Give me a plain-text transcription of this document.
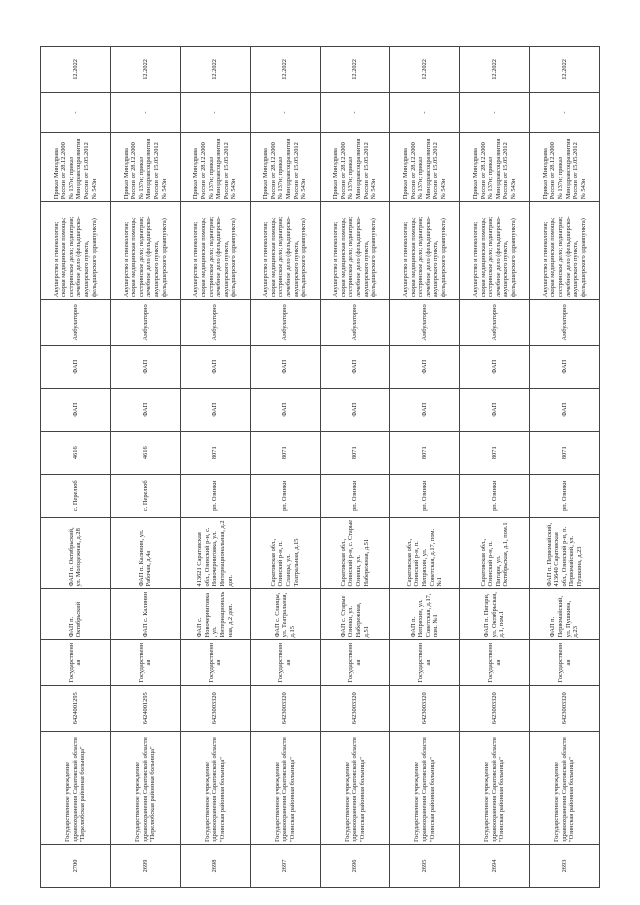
2700	Государственное учреждение здравоохранения Саратовской области "Перелюбская районная больница"	6424001295	Государственная	ФАП п. Октябрьский	ФАП п. Октябрьский, ул. Молодежная, д.28	с. Перелюб	4616	ФАП	ФАП	Амбулаторно	Акушерство и гинекология; скорая медицинская помощь; сестринское дело; педиатрия; лечебное дело (фельдшерско-акушерского пункта, фельдшерского здравпункта)	Приказ Минздрава России от 28.12.2000 № 137н; приказ Минздравсоцразвития России от 15.05.2012 № 543н	-	12.2022
2699	Государственное учреждение здравоохранения Саратовской области "Перелюбская районная больница"	6424001295	Государственная	ФАП с. Калинин	ФАП п. Калинин, ул. Рабочая, д.4а	с. Перелюб	4616	ФАП	ФАП	Амбулаторно	Акушерство и гинекология; скорая медицинская помощь; сестринское дело; педиатрия; лечебное дело (фельдшерско-акушерского пункта, фельдшерского здравпункта)	Приказ Минздрава России от 28.12.2000 № 137н; приказ Минздравсоцразвития России от 15.05.2012 № 543н	-	12.2022
2698	Государственное учреждение здравоохранения Саратовской области "Озинская районная больница"	6423003320	Государственная	ФАП с. Новочерниговка, ул. Интернациональная, д.2 доп.	413621 Саратовская обл., Озинский р-н, с. Новочерниговка, ул. Интернациональная, д.2 доп.	рп. Озинки	8071	ФАП	ФАП	Амбулаторно	Акушерство и гинекология; скорая медицинская помощь; сестринское дело; педиатрия; лечебное дело (фельдшерско-акушерского пункта, фельдшерского здравпункта)	Приказ Минздрава России от 28.12.2000 № 137н; приказ Минздравсоцразвития России от 15.05.2012 № 543н	-	12.2022
2697	Государственное учреждение здравоохранения Саратовской области "Озинская районная больница"	6423003320	Государственная	ФАП с. Сланцы, ул. Театральная, д.15	Саратовская обл., Озинский р-н, п. Сланцы, ул. Театральная, д.15	рп. Озинки	8071	ФАП	ФАП	Амбулаторно	Акушерство и гинекология; скорая медицинская помощь; сестринское дело; педиатрия; лечебное дело (фельдшерско-акушерского пункта, фельдшерского здравпункта)	Приказ Минздрава России от 28.12.2000 № 137н; приказ Минздравсоцразвития России от 15.05.2012 № 543н	-	12.2022
2696	Государственное учреждение здравоохранения Саратовской области "Озинская районная больница"	6423003320	Государственная	ФАП с. Старые Озинки, ул. Набережная, д.51	Саратовская обл., Озинский р-н, с. Старые Озинки, ул. Набережная, д.51	рп. Озинки	8071	ФАП	ФАП	Амбулаторно	Акушерство и гинекология; скорая медицинская помощь; сестринское дело; педиатрия; лечебное дело (фельдшерско-акушерского пункта, фельдшерского здравпункта)	Приказ Минздрава России от 28.12.2000 № 137н; приказ Минздравсоцразвития России от 15.05.2012 № 543н	-	12.2022
2695	Государственное учреждение здравоохранения Саратовской области "Озинская районная больница"	6423003320	Государственная	ФАП п. Непряхин, ул. Советская, д.17, пом. №1	Саратовская обл., Озинский р-н, п. Непряхин, ул. Советская, д.17, пом. №1	рп. Озинки	8071	ФАП	ФАП	Амбулаторно	Акушерство и гинекология; скорая медицинская помощь; сестринское дело; педиатрия; лечебное дело (фельдшерско-акушерского пункта, фельдшерского здравпункта)	Приказ Минздрава России от 28.12.2000 № 137н; приказ Минздравсоцразвития России от 15.05.2012 № 543н	-	12.2022
2694	Государственное учреждение здравоохранения Саратовской области "Озинская районная больница"	6423003320	Государственная	ФАП п. Пигари, ул. Октябрьская, д.1, пом.1	Саратовская обл., Озинский р-н, п. Пигари, ул. Октябрьская, д.1, пом.1	рп. Озинки	8071	ФАП	ФАП	Амбулаторно	Акушерство и гинекология; скорая медицинская помощь; сестринское дело; педиатрия; лечебное дело (фельдшерско-акушерского пункта, фельдшерского здравпункта)	Приказ Минздрава России от 28.12.2000 № 137н; приказ Минздравсоцразвития России от 15.05.2012 № 543н	-	12.2022
2693	Государственное учреждение здравоохранения Саратовской области "Озинская районная больница"	6423003320	Государственная	ФАП п. Первомайский, ул. Пушкина, д.23	ФАП п. Первомайский, 413640 Саратовская обл., Озинский р-н, п. Первомайский, ул. Пушкина, д.23	рп. Озинки	8071	ФАП	ФАП	Амбулаторно	Акушерство и гинекология; скорая медицинская помощь; сестринское дело; педиатрия; лечебное дело (фельдшерско-акушерского пункта, фельдшерского здравпункта)	Приказ Минздрава России от 28.12.2000 № 137н; приказ Минздравсоцразвития России от 15.05.2012 № 543н	-	12.2022
